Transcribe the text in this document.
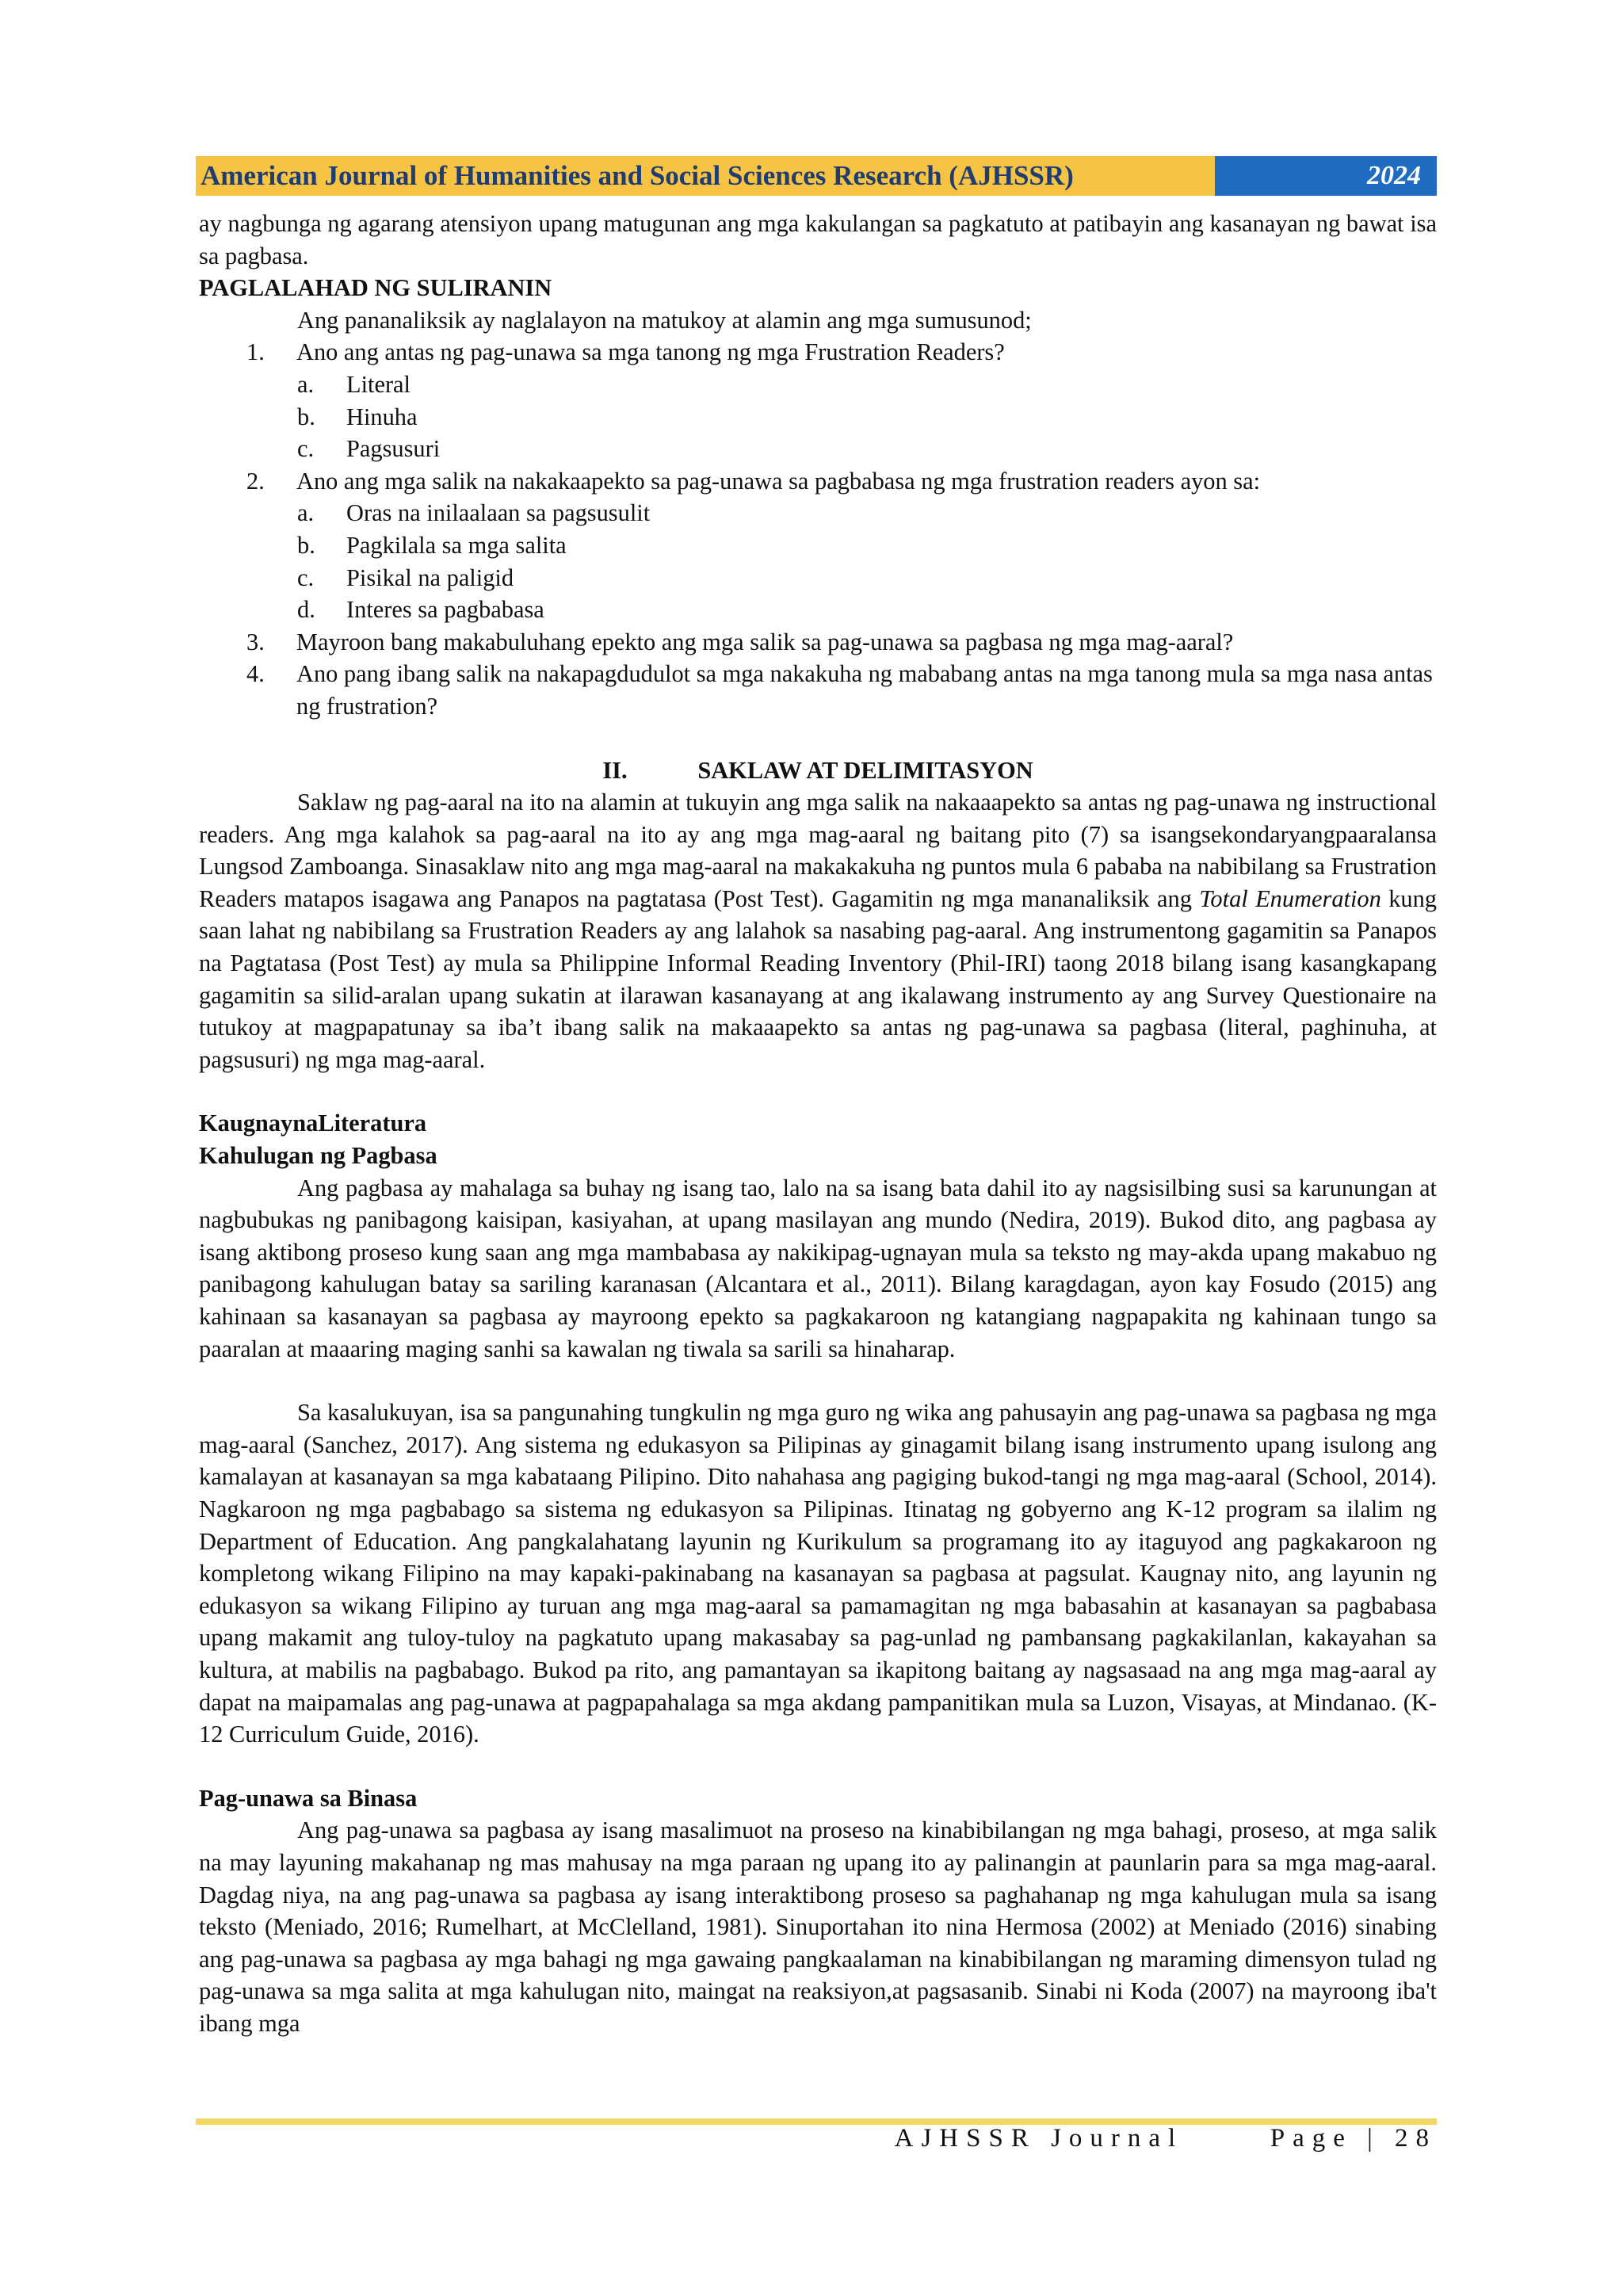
American Journal of Humanities and Social Sciences Research (AJHSSR)	2024

ay nagbunga ng agarang atensiyon upang matugunan ang mga kakulangan sa pagkatuto at patibayin ang kasanayan ng bawat isa sa pagbasa.

PAGLALAHAD NG SULIRANIN

Ang pananaliksik ay naglalayon na matukoy at alamin ang mga sumusunod;

1. Ano ang antas ng pag-unawa sa mga tanong ng mga Frustration Readers?
a. Literal
b. Hinuha
c. Pagsusuri
2. Ano ang mga salik na nakakaapekto sa pag-unawa sa pagbabasa ng mga frustration readers ayon sa:
a. Oras na inilaalaan sa pagsusulit
b. Pagkilala sa mga salita
c. Pisikal na paligid
d. Interes sa pagbabasa
3. Mayroon bang makabuluhang epekto ang mga salik sa pag-unawa sa pagbasa ng mga mag-aaral?
4. Ano pang ibang salik na nakapagdudulot sa mga nakakuha ng mababang antas na mga tanong mula sa mga nasa antas ng frustration?

II.	SAKLAW AT DELIMITASYON

Saklaw ng pag-aaral na ito na alamin at tukuyin ang mga salik na nakaaapekto sa antas ng pag-unawa ng instructional readers. Ang mga kalahok sa pag-aaral na ito ay ang mga mag-aaral ng baitang pito (7) sa isangsekondaryangpaaralansa Lungsod Zamboanga. Sinasaklaw nito ang mga mag-aaral na makakakuha ng puntos mula 6 pababa na nabibilang sa Frustration Readers matapos isagawa ang Panapos na pagtatasa (Post Test). Gagamitin ng mga mananaliksik ang Total Enumeration kung saan lahat ng nabibilang sa Frustration Readers ay ang lalahok sa nasabing pag-aaral. Ang instrumentong gagamitin sa Panapos na Pagtatasa (Post Test) ay mula sa Philippine Informal Reading Inventory (Phil-IRI) taong 2018 bilang isang kasangkapang gagamitin sa silid-aralan upang sukatin at ilarawan kasanayang at ang ikalawang instrumento ay ang Survey Questionaire na tutukoy at magpapatunay sa iba’t ibang salik na makaaapekto sa antas ng pag-unawa sa pagbasa (literal, paghinuha, at pagsusuri) ng mga mag-aaral.

KaugnaynaLiteratura

Kahulugan ng Pagbasa

Ang pagbasa ay mahalaga sa buhay ng isang tao, lalo na sa isang bata dahil ito ay nagsisilbing susi sa karunungan at nagbubukas ng panibagong kaisipan, kasiyahan, at upang masilayan ang mundo (Nedira, 2019). Bukod dito, ang pagbasa ay isang aktibong proseso kung saan ang mga mambabasa ay nakikipag-ugnayan mula sa teksto ng may-akda upang makabuo ng panibagong kahulugan batay sa sariling karanasan (Alcantara et al., 2011). Bilang karagdagan, ayon kay Fosudo (2015) ang kahinaan sa kasanayan sa pagbasa ay mayroong epekto sa pagkakaroon ng katangiang nagpapakita ng kahinaan tungo sa paaralan at maaaring maging sanhi sa kawalan ng tiwala sa sarili sa hinaharap.

Sa kasalukuyan, isa sa pangunahing tungkulin ng mga guro ng wika ang pahusayin ang pag-unawa sa pagbasa ng mga mag-aaral (Sanchez, 2017). Ang sistema ng edukasyon sa Pilipinas ay ginagamit bilang isang instrumento upang isulong ang kamalayan at kasanayan sa mga kabataang Pilipino. Dito nahahasa ang pagiging bukod-tangi ng mga mag-aaral (School, 2014). Nagkaroon ng mga pagbabago sa sistema ng edukasyon sa Pilipinas. Itinatag ng gobyerno ang K-12 program sa ilalim ng Department of Education. Ang pangkalahatang layunin ng Kurikulum sa programang ito ay itaguyod ang pagkakaroon ng kompletong wikang Filipino na may kapaki-pakinabang na kasanayan sa pagbasa at pagsulat. Kaugnay nito, ang layunin ng edukasyon sa wikang Filipino ay turuan ang mga mag-aaral sa pamamagitan ng mga babasahin at kasanayan sa pagbabasa upang makamit ang tuloy-tuloy na pagkatuto upang makasabay sa pag-unlad ng pambansang pagkakilanlan, kakayahan sa kultura, at mabilis na pagbabago. Bukod pa rito, ang pamantayan sa ikapitong baitang ay nagsasaad na ang mga mag-aaral ay dapat na maipamalas ang pag-unawa at pagpapahalaga sa mga akdang pampanitikan mula sa Luzon, Visayas, at Mindanao. (K-12 Curriculum Guide, 2016).

Pag-unawa sa Binasa

Ang pag-unawa sa pagbasa ay isang masalimuot na proseso na kinabibilangan ng mga bahagi, proseso, at mga salik na may layuning makahanap ng mas mahusay na mga paraan ng upang ito ay palinangin at paunlarin para sa mga mag-aaral. Dagdag niya, na ang pag-unawa sa pagbasa ay isang interaktibong proseso sa paghahanap ng mga kahulugan mula sa isang teksto (Meniado, 2016; Rumelhart, at McClelland, 1981). Sinuportahan ito nina Hermosa (2002) at Meniado (2016) sinabing ang pag-unawa sa pagbasa ay mga bahagi ng mga gawaing pangkaalaman na kinabibilangan ng maraming dimensyon tulad ng pag-unawa sa mga salita at mga kahulugan nito, maingat na reaksiyon,at pagsasanib. Sinabi ni Koda (2007) na mayroong iba't ibang mga

AJHSSR Journal	Page | 28
